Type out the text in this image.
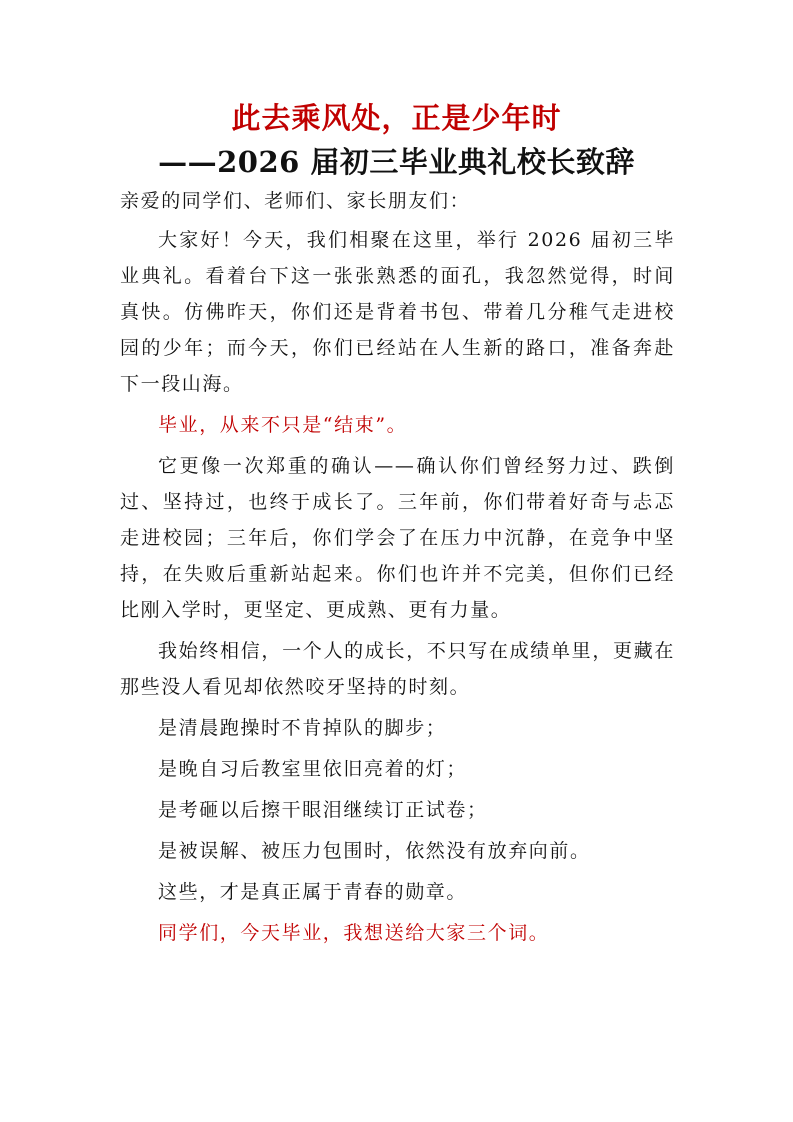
此去乘风处，正是少年时
——2026 届初三毕业典礼校长致辞

亲爱的同学们、老师们、家长朋友们：

大家好！今天，我们相聚在这里，举行 2026 届初三毕业典礼。看着台下这一张张熟悉的面孔，我忽然觉得，时间真快。仿佛昨天，你们还是背着书包、带着几分稚气走进校园的少年；而今天，你们已经站在人生新的路口，准备奔赴下一段山海。

毕业，从来不只是“结束”。

它更像一次郑重的确认——确认你们曾经努力过、跌倒过、坚持过，也终于成长了。三年前，你们带着好奇与忐忑走进校园；三年后，你们学会了在压力中沉静，在竞争中坚持，在失败后重新站起来。你们也许并不完美，但你们已经比刚入学时，更坚定、更成熟、更有力量。

我始终相信，一个人的成长，不只写在成绩单里，更藏在那些没人看见却依然咬牙坚持的时刻。

是清晨跑操时不肯掉队的脚步；

是晚自习后教室里依旧亮着的灯；

是考砸以后擦干眼泪继续订正试卷；

是被误解、被压力包围时，依然没有放弃向前。

这些，才是真正属于青春的勋章。

同学们，今天毕业，我想送给大家三个词。
